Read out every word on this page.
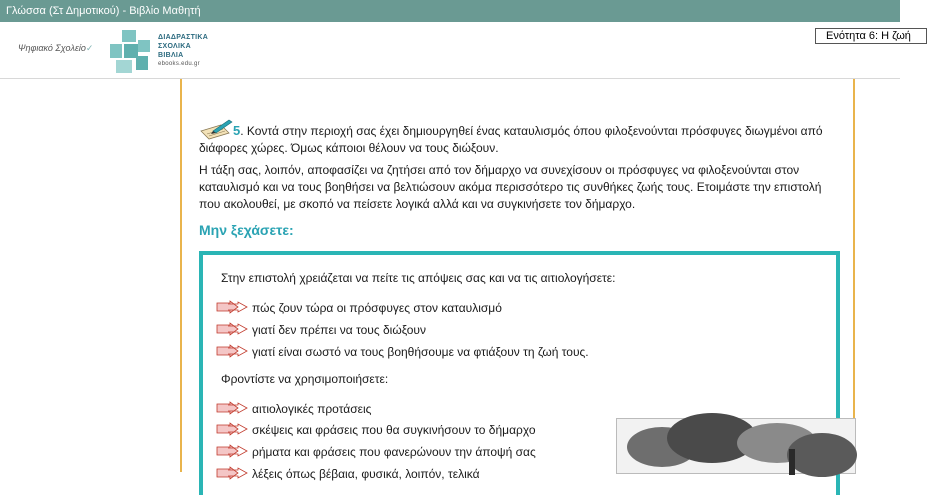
Γλώσσα (Στ Δημοτικού) - Βιβλίο Μαθητή
Ψηφιακό Σχολείο✓
ΔΙΑΔΡΑΣΤΙΚΑ
ΣΧΟΛΙΚΑ
ΒΙΒΛΙΑ
ebooks.edu.gr
Ενότητα 6: Η ζωή
5. Κοντά στην περιοχή σας έχει δημιουργηθεί ένας καταυλισμός όπου φιλοξενούνται πρόσφυγες διωγμένοι από διάφορες χώρες. Όμως κάποιοι θέλουν να τους διώξουν.
Η τάξη σας, λοιπόν, αποφασίζει να ζητήσει από τον δήμαρχο να συνεχίσουν οι πρόσφυγες να φιλοξενούνται στον καταυλισμό και να τους βοηθήσει να βελτιώσουν ακόμα περισσότερο τις συνθήκες ζωής τους. Ετοιμάστε την επιστολή που ακολουθεί, με σκοπό να πείσετε λογικά αλλά και να συγκινήσετε τον δήμαρχο.
Μην ξεχάσετε:
Στην επιστολή χρειάζεται να πείτε τις απόψεις σας και να τις αιτιολογήσετε:
πώς ζουν τώρα οι πρόσφυγες στον καταυλισμό
γιατί δεν πρέπει να τους διώξουν
γιατί είναι σωστό να τους βοηθήσουμε να φτιάξουν τη ζωή τους.
Φροντίστε να χρησιμοποιήσετε:
αιτιολογικές προτάσεις
σκέψεις και φράσεις που θα συγκινήσουν το δήμαρχο
ρήματα και φράσεις που φανερώνουν την άποψή σας
λέξεις όπως βέβαια, φυσικά, λοιπόν, τελικά
